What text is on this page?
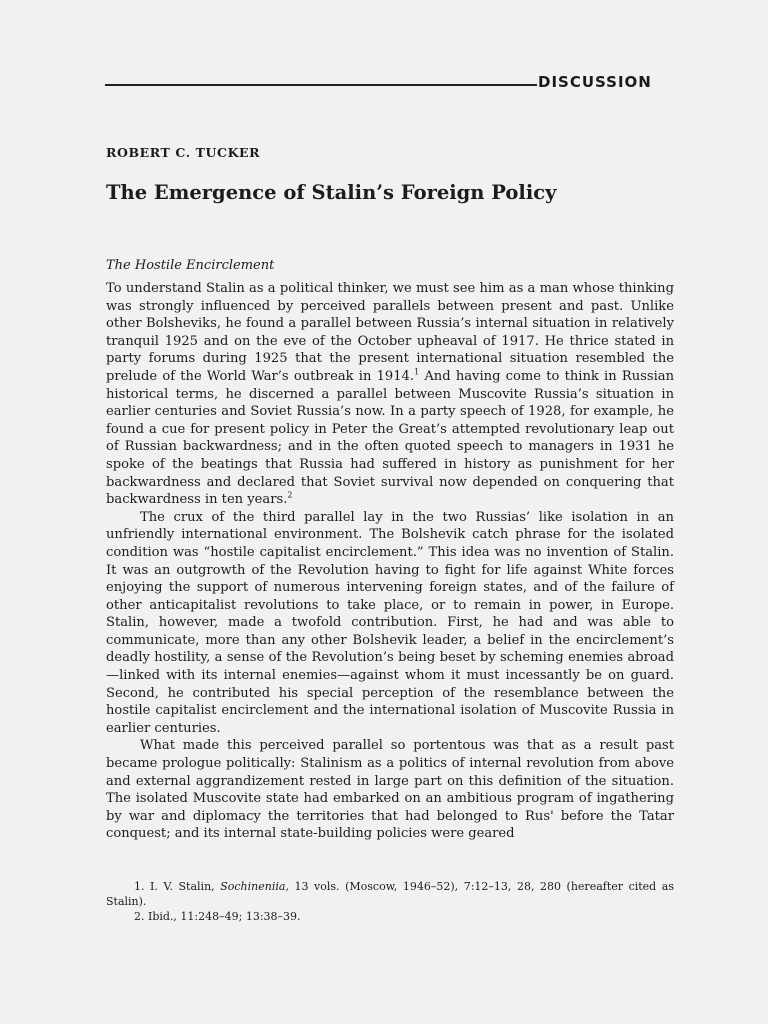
DISCUSSION
ROBERT C. TUCKER
The Emergence of Stalin’s Foreign Policy
The Hostile Encirclement

To understand Stalin as a political thinker, we must see him as a man whose thinking was strongly influenced by perceived parallels between present and past. Unlike other Bolsheviks, he found a parallel between Russia’s internal situation in relatively tranquil 1925 and on the eve of the October upheaval of 1917. He thrice stated in party forums during 1925 that the present international situation resembled the prelude of the World War’s outbreak in 1914.$^1$ And having come to think in Russian historical terms, he discerned a parallel between Muscovite Russia’s situation in earlier centuries and Soviet Russia’s now. In a party speech of 1928, for example, he found a cue for present policy in Peter the Great’s attempted revolutionary leap out of Russian backwardness; and in the often quoted speech to managers in 1931 he spoke of the beatings that Russia had suffered in history as punishment for her backwardness and declared that Soviet survival now depended on conquering that backwardness in ten years.$^2$

The crux of the third parallel lay in the two Russias’ like isolation in an unfriendly international environment. The Bolshevik catch phrase for the isolated condition was “hostile capitalist encirclement.” This idea was no invention of Stalin. It was an outgrowth of the Revolution having to fight for life against White forces enjoying the support of numerous intervening foreign states, and of the failure of other anticapitalist revolutions to take place, or to remain in power, in Europe. Stalin, however, made a twofold contribution. First, he had and was able to communicate, more than any other Bolshevik leader, a belief in the encirclement’s deadly hostility, a sense of the Revolution’s being beset by scheming enemies abroad—linked with its internal enemies—against whom it must incessantly be on guard. Second, he contributed his special perception of the resemblance between the hostile capitalist encirclement and the international isolation of Muscovite Russia in earlier centuries.

What made this perceived parallel so portentous was that as a result past became prologue politically: Stalinism as a politics of internal revolution from above and external aggrandizement rested in large part on this definition of the situation. The isolated Muscovite state had embarked on an ambitious program of ingathering by war and diplomacy the territories that had belonged to Rus' before the Tatar conquest; and its internal state-building policies were geared

1. I. V. Stalin, Sochineniia, 13 vols. (Moscow, 1946–52), 7:12–13, 28, 280 (hereafter cited as Stalin).

2. Ibid., 11:248–49; 13:38–39.
